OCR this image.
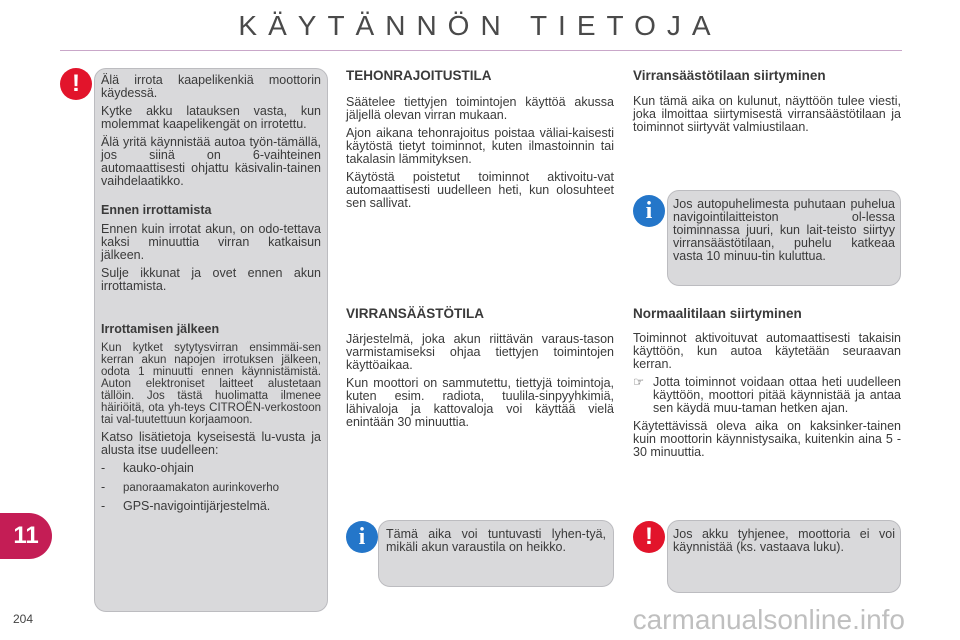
KÄYTÄNNÖN TIETOJA
!	Älä irrota kaapelikenkiä moottorin käydessä.

Kytke akku latauksen vasta, kun molemmat kaapelikengät on irrotettu.

Älä yritä käynnistää autoa työn-tämällä, jos siinä on 6-vaihteinen automaattisesti ohjattu käsivalin-tainen vaihdelaatikko.

Ennen irrottamista

Ennen kuin irrotat akun, on odo-tettava kaksi minuuttia virran katkaisun jälkeen.

Sulje ikkunat ja ovet ennen akun irrottamista.

Irrottamisen jälkeen

Kun kytket sytytysvirran ensimmäi-sen kerran akun napojen irrotuksen jälkeen, odota 1 minuutti ennen käynnistämistä. Auton elektroniset laitteet alustetaan tällöin. Jos tästä huolimatta ilmenee häiriöitä, ota yh-teys CITROËN-verkostoon tai val-tuutettuun korjaamoon.

Katso lisätietoja kyseisestä lu-vusta ja alusta itse uudelleen:

- kauko-ohjain
- panoraamakaton aurinkoverho
- GPS-navigointijärjestelmä.
TEHONRAJOITUSTILA

Säätelee tiettyjen toimintojen käyttöä akussa jäljellä olevan virran mukaan.

Ajon aikana tehonrajoitus poistaa väliai-kaisesti käytöstä tietyt toiminnot, kuten ilmastoinnin tai takalasin lämmityksen.

Käytöstä poistetut toiminnot aktivoitu-vat automaattisesti uudelleen heti, kun olosuhteet sen sallivat.

VIRRANSÄÄSTÖTILA

Järjestelmä, joka akun riittävän varaus-tason varmistamiseksi ohjaa tiettyjen toimintojen käyttöaikaa.

Kun moottori on sammutettu, tiettyjä toimintoja, kuten esim. radiota, tuulila-sinpyyhkimiä, lähivaloja ja kattovaloja voi käyttää vielä enintään 30 minuuttia.

i	Tämä aika voi tuntuvasti lyhen-tyä, mikäli akun varaustila on heikko.
Virransäästötilaan siirtyminen
Kun tämä aika on kulunut, näyttöön tulee viesti, joka ilmoittaa siirtymisestä virransäästötilaan ja toiminnot siirtyvät valmiustilaan.
i	Jos autopuhelimesta puhutaan puhelua navigointilaitteiston ol-lessa toiminnassa juuri, kun lait-teisto siirtyy virransäästötilaan, puhelu katkeaa vasta 10 minuu-tin kuluttua.
Normaalitilaan siirtyminen

Toiminnot aktivoituvat automaattisesti takaisin käyttöön, kun autoa käytetään seuraavan kerran.

☞ Jotta toiminnot voidaan ottaa heti uudelleen käyttöön, moottori pitää käynnistää ja antaa sen käydä muu-taman hetken ajan.

Käytettävissä oleva aika on kaksinker-tainen kuin moottorin käynnistysaika, kuitenkin aina 5 - 30 minuuttia.

!	Jos akku tyhjenee, moottoria ei voi käynnistää (ks. vastaava luku).
11
204	carmanualsonline.info
